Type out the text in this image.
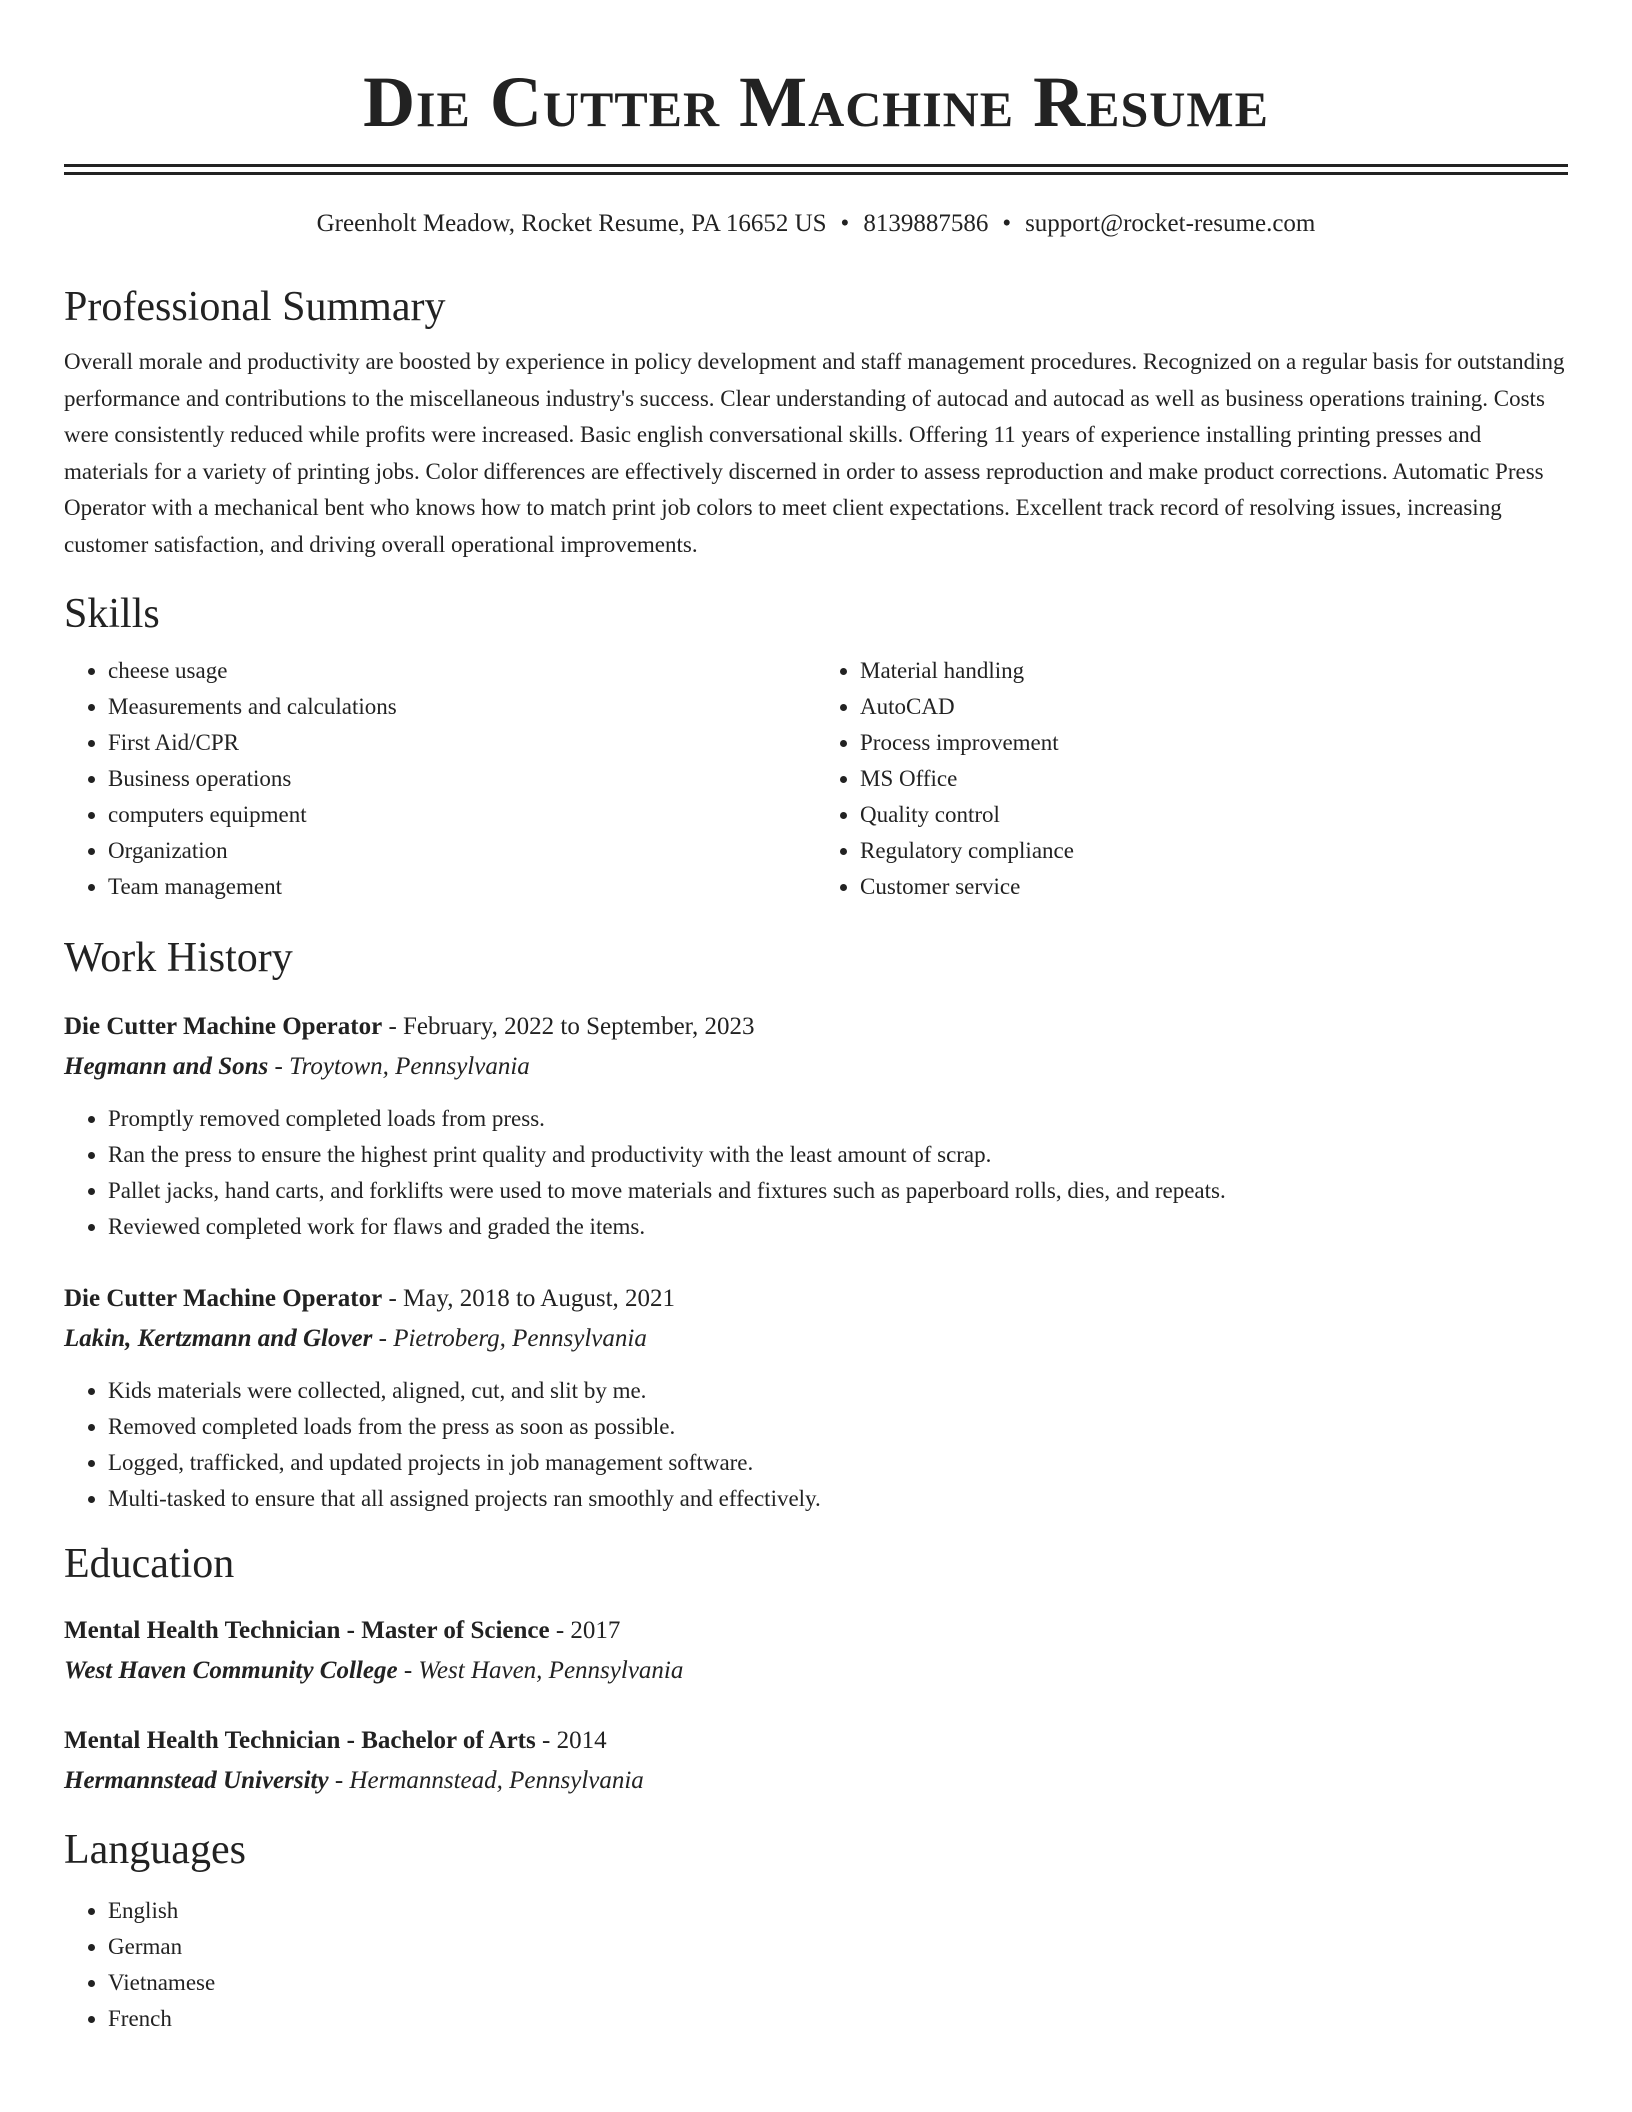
Die Cutter Machine Resume
Greenholt Meadow, Rocket Resume, PA 16652 US • 8139887586 • support@rocket-resume.com
Professional Summary

Overall morale and productivity are boosted by experience in policy development and staff management procedures. Recognized on a regular basis for outstanding performance and contributions to the miscellaneous industry's success. Clear understanding of autocad and autocad as well as business operations training. Costs were consistently reduced while profits were increased. Basic english conversational skills. Offering 11 years of experience installing printing presses and materials for a variety of printing jobs. Color differences are effectively discerned in order to assess reproduction and make product corrections. Automatic Press Operator with a mechanical bent who knows how to match print job colors to meet client expectations. Excellent track record of resolving issues, increasing customer satisfaction, and driving overall operational improvements.

Skills
• cheese usage
• Measurements and calculations
• First Aid/CPR
• Business operations
• computers equipment
• Organization
• Team management
• Material handling
• AutoCAD
• Process improvement
• MS Office
• Quality control
• Regulatory compliance
• Customer service
Work History
Die Cutter Machine Operator - February, 2022 to September, 2023
Hegmann and Sons - Troytown, Pennsylvania
• Promptly removed completed loads from press.
• Ran the press to ensure the highest print quality and productivity with the least amount of scrap.
• Pallet jacks, hand carts, and forklifts were used to move materials and fixtures such as paperboard rolls, dies, and repeats.
• Reviewed completed work for flaws and graded the items.
Die Cutter Machine Operator - May, 2018 to August, 2021
Lakin, Kertzmann and Glover - Pietroberg, Pennsylvania
• Kids materials were collected, aligned, cut, and slit by me.
• Removed completed loads from the press as soon as possible.
• Logged, trafficked, and updated projects in job management software.
• Multi-tasked to ensure that all assigned projects ran smoothly and effectively.
Education
Mental Health Technician - Master of Science - 2017
West Haven Community College - West Haven, Pennsylvania
Mental Health Technician - Bachelor of Arts - 2014
Hermannstead University - Hermannstead, Pennsylvania
Languages
• English
• German
• Vietnamese
• French
